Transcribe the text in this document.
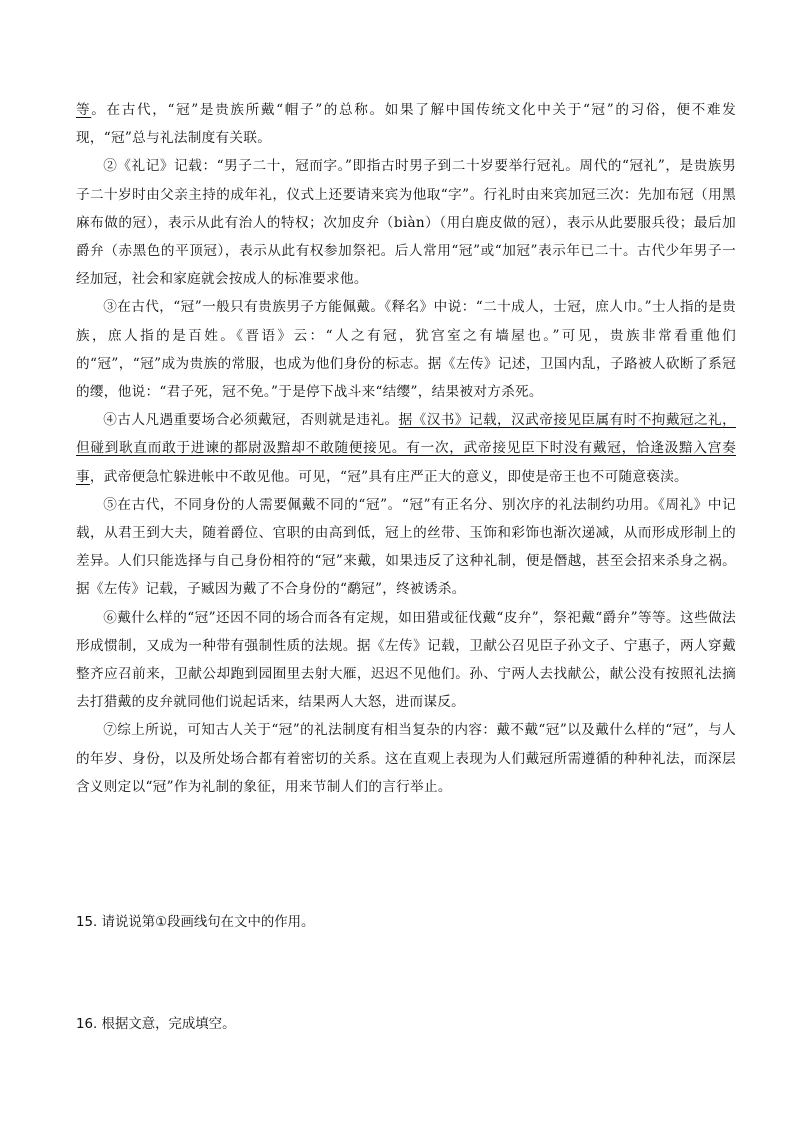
等。在古代，“冠”是贵族所戴“帽子”的总称。如果了解中国传统文化中关于“冠”的习俗，便不难发现，“冠”总与礼法制度有关联。

②《礼记》记载：“男子二十，冠而字。”即指古时男子到二十岁要举行冠礼。周代的“冠礼”，是贵族男子二十岁时由父亲主持的成年礼，仪式上还要请来宾为他取“字”。行礼时由来宾加冠三次：先加布冠（用黑麻布做的冠），表示从此有治人的特权；次加皮弁（biàn）（用白鹿皮做的冠），表示从此要服兵役；最后加爵弁（赤黑色的平顶冠），表示从此有权参加祭祀。后人常用“冠”或“加冠”表示年已二十。古代少年男子一经加冠，社会和家庭就会按成人的标准要求他。

③在古代，“冠”一般只有贵族男子方能佩戴。《释名》中说：“二十成人，士冠，庶人巾。”士人指的是贵族，庶人指的是百姓。《晋语》云：“人之有冠，犹宫室之有墙屋也。”可见，贵族非常看重他们的“冠”，“冠”成为贵族的常服，也成为他们身份的标志。据《左传》记述，卫国内乱，子路被人砍断了系冠的缨，他说：“君子死，冠不免。”于是停下战斗来“结缨”，结果被对方杀死。

④古人凡遇重要场合必须戴冠，否则就是违礼。据《汉书》记载，汉武帝接见臣属有时不拘戴冠之礼，但碰到耿直而敢于进谏的都尉汲黯却不敢随便接见。有一次，武帝接见臣下时没有戴冠，恰逢汲黯入宫奏事，武帝便急忙躲进帐中不敢见他。可见，“冠”具有庄严正大的意义，即使是帝王也不可随意亵渎。

⑤在古代，不同身份的人需要佩戴不同的“冠”。“冠”有正名分、别次序的礼法制约功用。《周礼》中记载，从君王到大夫，随着爵位、官职的由高到低，冠上的丝带、玉饰和彩饰也渐次递减，从而形成形制上的差异。人们只能选择与自己身份相符的“冠”来戴，如果违反了这种礼制，便是僭越，甚至会招来杀身之祸。据《左传》记载，子臧因为戴了不合身份的“鹬冠”，终被诱杀。

⑥戴什么样的“冠”还因不同的场合而各有定规，如田猎或征伐戴“皮弁”，祭祀戴“爵弁”等等。这些做法形成惯制，又成为一种带有强制性质的法规。据《左传》记载，卫献公召见臣子孙文子、宁惠子，两人穿戴整齐应召前来，卫献公却跑到园囿里去射大雁，迟迟不见他们。孙、宁两人去找献公，献公没有按照礼法摘去打猎戴的皮弁就同他们说起话来，结果两人大怒，进而谋反。

⑦综上所说，可知古人关于“冠”的礼法制度有相当复杂的内容：戴不戴“冠”以及戴什么样的“冠”，与人的年岁、身份，以及所处场合都有着密切的关系。这在直观上表现为人们戴冠所需遵循的种种礼法，而深层含义则定以“冠”作为礼制的象征，用来节制人们的言行举止。

15. 请说说第①段画线句在文中的作用。

16. 根据文意，完成填空。
